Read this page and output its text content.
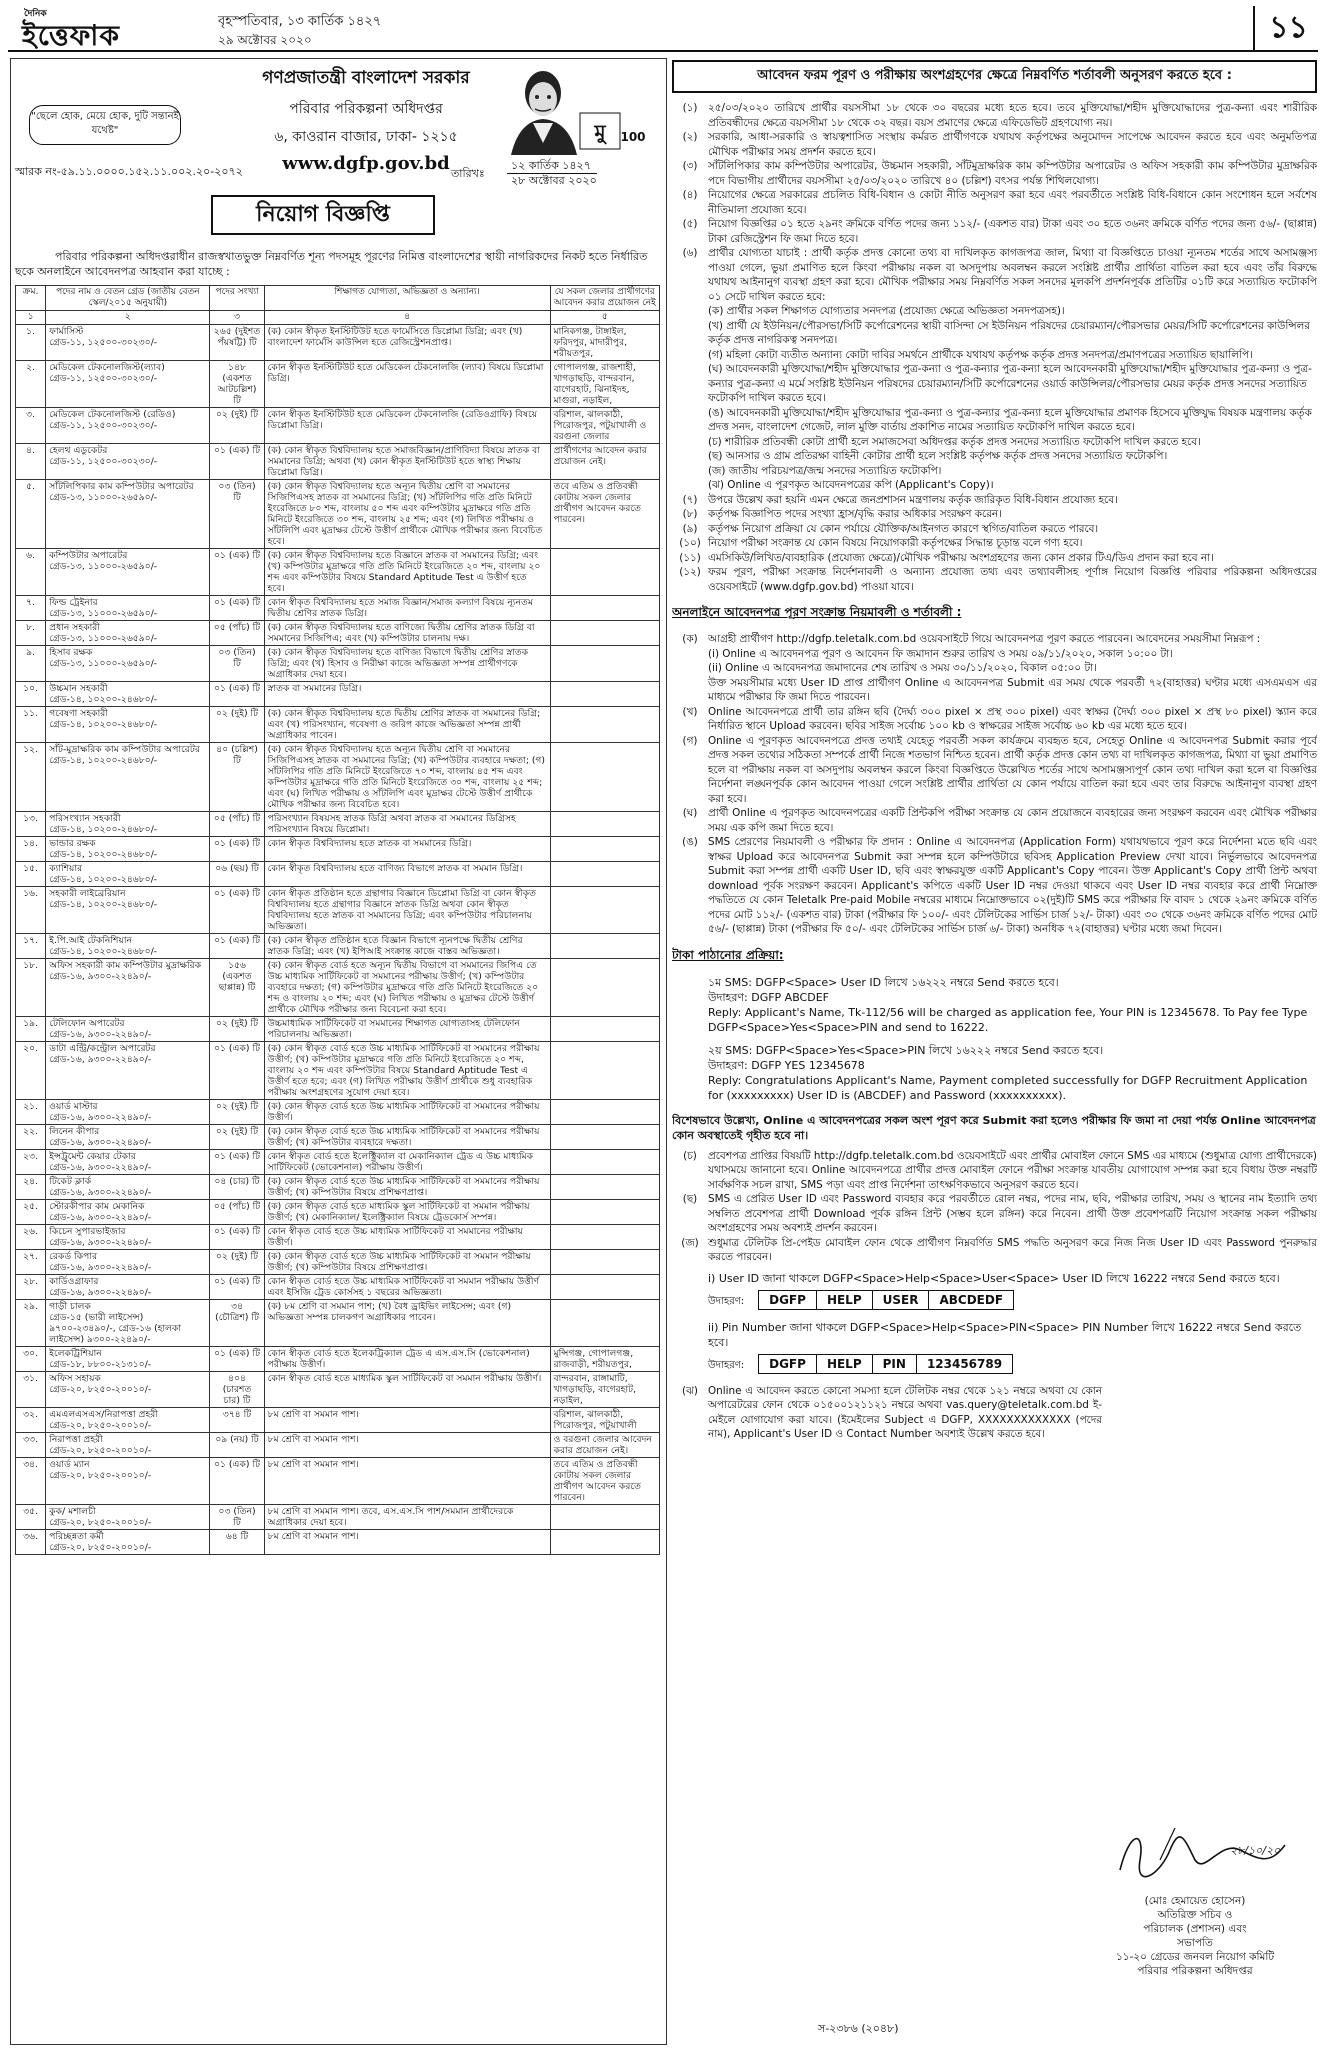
দৈনিক
ইত্তেফাক	বৃহস্পতিবার, ১৩ কার্তিক ১৪২৭
২৯ অক্টোবর ২০২০	১১
"ছেলে হোক, মেয়ে হোক, দুটি সন্তানই যথেষ্ট"
গণপ্রজাতন্ত্রী বাংলাদেশ সরকার
পরিবার পরিকল্পনা অধিদপ্তর
৬, কাওরান বাজার, ঢাকা- ১২১৫
www.dgfp.gov.bd
মু 100
স্মারক নং-৫৯.১১.০০০০.১৫২.১১.০০২.২০-২০৭২	তারিখঃ
১২ কার্তিক ১৪২৭
২৮ অক্টোবর ২০২০
নিয়োগ বিজ্ঞপ্তি
পরিবার পরিকল্পনা অধিদপ্তরাধীন রাজস্বখাতভুক্ত নিম্নবর্ণিত শূন্য পদসমূহ পূরণের নিমিত্ত বাংলাদেশের স্থায়ী নাগরিকদের নিকট হতে নির্ধারিত ছকে অনলাইনে আবেদনপত্র আহবান করা যাচ্ছে :
ক্রম.	পদের নাম ও বেতন গ্রেড (জাতীয় বেতন স্কেল/২০১৫ অনুযায়ী)	পদের সংখ্যা	শিক্ষাগত যোগ্যতা, অভিজ্ঞতা ও অন্যান্য।	যে সকল জেলার প্রার্থীগণের আবেদন করার প্রয়োজন নেই
১	২	৩	৪	৫

১.	ফার্মাসিস্ট
গ্রেড-১১, ১২৫০০-৩০২৩০/-	২৬৫ (দুইশত পঁয়ষট্টি) টি	(ক) কোন স্বীকৃত ইনস্টিটিউট হতে ফার্মেসিতে ডিপ্লোমা ডিগ্রি; এবং (খ) বাংলাদেশ ফার্মেসি কাউন্সিল হতে রেজিস্ট্রেশনপ্রাপ্ত।	মানিকগঞ্জ, টাঙ্গাইল, ফরিদপুর, মাদারীপুর, শরীয়তপুর,

২.	মেডিকেল টেকনোলজিস্ট(ল্যাব)
গ্রেড-১১, ১২৫০০-৩০২৩০/-	১৪৮ (একশত আটচল্লিশ) টি	কোন স্বীকৃত ইনস্টিটিউট হতে মেডিকেল টেকনোলজি (ল্যাব) বিষয়ে ডিপ্লোমা ডিগ্রি।	গোপালগঞ্জ, রাজশাহী, খাগড়াছড়ি, বান্দরবান, বাগেরহাট, ঝিনাইদহ, মাগুরা, নড়াইল,

৩.	মেডিকেল টেকনোলজিস্ট (রেডিও)
গ্রেড-১১, ১২৫০০-৩০২৩০/-	০২ (দুই) টি	কোন স্বীকৃত ইনস্টিটিউট হতে মেডিকেল টেকনোলজি (রেডিওগ্রাফি) বিষয়ে ডিপ্লোমা ডিগ্রি।	বরিশাল, ঝালকাঠী, পিরোজপুর, পটুয়াখালী ও বরগুনা জেলার

৪.	হেলথ এডুকেটর
গ্রেড-১১, ১২৫০০-৩০২৩০/-	০১ (এক) টি	(ক) কোন স্বীকৃত বিশ্ববিদ্যালয় হতে সমাজবিজ্ঞান/প্রাণিবিদ্যা বিষয়ে স্নাতক বা সমমানের ডিগ্রি; অথবা (খ) কোন স্বীকৃত ইনস্টিটিউট হতে স্বাস্থ্য শিক্ষায় ডিপ্লোমা ডিগ্রি।	প্রার্থীগণের আবেদন করার প্রয়োজন নেই।

৫.	সাঁটলিপিকার কাম কম্পিউটার অপারেটর
গ্রেড-১৩, ১১০০০-২৬৫৯০/-	০৩ (তিন) টি	(ক) কোন স্বীকৃত বিশ্ববিদ্যালয় হতে অন্যূন দ্বিতীয় শ্রেণি বা সমমানের সিজিপিএসহ স্নাতক বা সমমানের ডিগ্রি; (খ) সাঁটলিপির গতি প্রতি মিনিটে ইংরেজিতে ৮০ শব্দ, বাংলায় ৫০ শব্দ এবং কম্পিউটার মুদ্রাক্ষরে গতি প্রতি মিনিটে ইংরেজিতে ৩০ শব্দ, বাংলায় ২৫ শব্দ; এবং (গ) লিখিত পরীক্ষায় ও সাঁটলিপি এবং মুদ্রাক্ষর টেস্টে উত্তীর্ণ প্রার্থীকে মৌখিক পরীক্ষার জন্য বিবেচিত হবে।	তবে এতিম ও প্রতিবন্ধী কোটায় সকল জেলার প্রার্থীগণ আবেদন করতে পারবেন।

৬.	কম্পিউটার অপারেটর
গ্রেড-১৩, ১১০০০-২৬৫৯০/-	০১ (এক) টি	(ক) কোন স্বীকৃত বিশ্ববিদ্যালয় হতে বিজ্ঞানে স্নাতক বা সমমানের ডিগ্রি; এবং (খ) কম্পিউটার মুদ্রাক্ষরে গতি প্রতি মিনিটে ইংরেজিতে ২০ শব্দ, বাংলায় ২০ শব্দ এবং কম্পিউটার বিষয়ে Standard Aptitude Test এ উত্তীর্ণ হতে হবে।	

৭.	ফিল্ড ট্রেইনার
গ্রেড-১৩, ১১০০০-২৬৫৯০/-	০১ (এক) টি	কোন স্বীকৃত বিশ্ববিদ্যালয় হতে সমাজ বিজ্ঞান/সমাজ কল্যাণ বিষয়ে ন্যূনতম দ্বিতীয় শ্রেণির স্নাতক ডিগ্রি।	

৮.	প্রধান সহকারী
গ্রেড-১৩, ১১০০০-২৬৫৯০/-	০৫ (পাঁচ) টি	(ক) কোন স্বীকৃত বিশ্ববিদ্যালয় হতে বাণিজ্যে দ্বিতীয় শ্রেণির স্নাতক ডিগ্রি বা সমমানের সিজিপিএ; এবং (খ) কম্পিউটার চালনায় দক্ষ।	

৯.	হিসাব রক্ষক
গ্রেড-১৩, ১১০০০-২৬৫৯০/-	০৩ (তিন) টি	(ক) কোন স্বীকৃত বিশ্ববিদ্যালয় হতে বাণিজ্য বিভাগে দ্বিতীয় শ্রেণির স্নাতক ডিগ্রি; এবং (খ) হিসাব ও নিরীক্ষা কাজে অভিজ্ঞতা সম্পন্ন প্রার্থীগণকে অগ্রাধিকার দেয়া হবে।	

১০.	উচ্চমান সহকারী
গ্রেড-১৪, ১০২০০-২৪৬৮০/-	০১ (এক) টি	স্নাতক বা সমমানের ডিগ্রি।	

১১.	গবেষণা সহকারী
গ্রেড-১৪, ১০২০০-২৪৬৮০/-	০২ (দুই) টি	(ক) কোন স্বীকৃত বিশ্ববিদ্যালয় হতে দ্বিতীয় শ্রেণির স্নাতক বা সমমানের ডিগ্রি; এবং (খ) পরিসংখ্যান, গবেষণা ও জরিপ কাজে অভিজ্ঞতা সম্পন্ন প্রার্থী অগ্রাধিকার পাবেন।	

১২.	সাঁট-মুদ্রাক্ষরিক কাম কম্পিউটার অপারেটর
গ্রেড-১৪, ১০২০০-২৪৬৮০/-	৪০ (চল্লিশ) টি	(ক) কোন স্বীকৃত বিশ্ববিদ্যালয় হতে অন্যূন দ্বিতীয় শ্রেণি বা সমমানের সিজিপিএসহ স্নাতক বা সমমানের ডিগ্রি; (খ) কম্পিউটার ব্যবহারে দক্ষতা; (গ) সাঁটলিপির গতি প্রতি মিনিটে ইংরেজিতে ৭০ শব্দ, বাংলায় ৪৫ শব্দ এবং কম্পিউটার মুদ্রাক্ষরে গতি প্রতি মিনিটে ইংরেজিতে ৩০ শব্দ, বাংলায় ২৫ শব্দ; এবং (ঘ) লিখিত পরীক্ষায় ও সাঁটলিপি এবং মুদ্রাক্ষর টেস্টে উত্তীর্ণ প্রার্থীকে মৌখিক পরীক্ষার জন্য বিবেচিত হবে।	

১৩.	পরিসংখ্যান সহকারী
গ্রেড-১৪, ১০২০০-২৪৬৮০/-	০৫ (পাঁচ) টি	পরিসংখ্যান বিষয়সহ স্নাতক ডিগ্রি অথবা স্নাতক বা সমমানের ডিগ্রিসহ পরিসংখ্যান বিষয়ে ডিপ্লোমা।	

১৪.	ভান্ডার রক্ষক
গ্রেড-১৪, ১০২০০-২৪৬৮০/-	০১ (এক) টি	কোন স্বীকৃত বিশ্ববিদ্যালয় হতে স্নাতক বা সমমানের ডিগ্রি।	

১৫.	ক্যাশিয়ার
গ্রেড-১৪, ১০২০০-২৪৬৮০/-	০৬ (ছয়) টি	কোন স্বীকৃত বিশ্ববিদ্যালয় হতে বাণিজ্য বিভাগে স্নাতক বা সমমান ডিগ্রি।	

১৬.	সহকারী লাইব্রেরিয়ান
গ্রেড-১৪, ১০২০০-২৪৬৮০/-	০১ (এক) টি	কোন স্বীকৃত প্রতিষ্ঠান হতে গ্রন্থাগার বিজ্ঞানে ডিপ্লোমা ডিগ্রি বা কোন স্বীকৃত বিশ্ববিদ্যালয় হতে গ্রন্থাগার বিজ্ঞানে স্নাতক ডিগ্রি অথবা কোন স্বীকৃত বিশ্ববিদ্যালয় হতে স্নাতক বা সমমানের ডিগ্রি; এবং কম্পিউটার পরিচালনায় অভিজ্ঞতা।	

১৭.	ই.পি.আই টেকনিশিয়ান
গ্রেড-১৪, ১০২০০-২৪৬৮০/-	০১ (এক) টি	(ক) কোন স্বীকৃত প্রতিষ্ঠান হতে বিজ্ঞান বিভাগে ন্যূনপক্ষে দ্বিতীয় শ্রেণির স্নাতক ডিগ্রি; এবং (খ) ইপিআই সংক্রান্ত কাজে বাস্তব অভিজ্ঞতা।	

১৮.	অফিস সহকারী কাম কম্পিউটার মুদ্রাক্ষরিক
গ্রেড-১৬, ৯৩০০-২২৪৯০/-	১৫৬ (একশত ছাপ্পান্ন) টি	(ক) কোন স্বীকৃত বোর্ড হতে অন্যূন দ্বিতীয় বিভাগে বা সমমানের জিপিএ তে উচ্চ মাধ্যমিক সার্টিফিকেট বা সমমানের পরীক্ষায় উত্তীর্ণ; (খ) কম্পিউটার ব্যবহারে দক্ষতা; (গ) কম্পিউটার মুদ্রাক্ষরে গতি প্রতি মিনিটে ইংরেজিতে ২০ শব্দ ও বাংলায় ২০ শব্দ; এবং (ঘ) লিখিত পরীক্ষায় ও মুদ্রাক্ষর টেস্টে উত্তীর্ণ প্রার্থীকে মৌখিক পরীক্ষার জন্য বিবেচনা করা হবে।	

১৯.	টেলিফোন অপারেটর
গ্রেড-১৬, ৯৩০০-২২৪৯০/-	০২ (দুই) টি	উচ্চমাধ্যমিক সার্টিফিকেট বা সমমানের শিক্ষাগত যোগ্যতাসহ টেলিফোন পরিচালনায় অভিজ্ঞতা।	

২০.	ডাটা এন্ট্রি/কন্ট্রোল অপারেটর
গ্রেড-১৬, ৯৩০০-২২৪৯০/-	০১ (এক) টি	(ক) কোন স্বীকৃত বোর্ড হতে উচ্চ মাধ্যমিক সার্টিফিকেট বা সমমানের পরীক্ষায় উত্তীর্ণ; (খ) কম্পিউটার মুদ্রাক্ষরে গতি প্রতি মিনিটে ইংরেজিতে ২০ শব্দ, বাংলায় ২০ শব্দ এবং কম্পিউটার বিষয়ে Standard Aptitude Test এ উত্তীর্ণ হতে হবে; এবং (গ) লিখিত পরীক্ষায় উত্তীর্ণ প্রার্থীকে শুধু ব্যবহারিক পরীক্ষায় অংশগ্রহণের সুযোগ দেয়া হবে।	

২১.	ওয়ার্ড মাস্টার
গ্রেড-১৬, ৯৩০০-২২৪৯০/-	০২ (দুই) টি	(ক) কোন স্বীকৃত বোর্ড হতে উচ্চ মাধ্যমিক সার্টিফিকেট বা সমমানের পরীক্ষায় উত্তীর্ণ।	

২২.	লিনেন কীপার
গ্রেড-১৬, ৯৩০০-২২৪৯০/-	০২ (দুই) টি	(ক) কোন স্বীকৃত বোর্ড হতে উচ্চ মাধ্যমিক সার্টিফিকেট বা সমমানের পরীক্ষায় উত্তীর্ণ; (খ) কম্পিউটার ব্যবহারে দক্ষতা।	

২৩.	ইন্সট্রুমেন্ট কেয়ার টেকার
গ্রেড-১৬, ৯৩০০-২২৪৯০/-	০১ (এক) টি	কোন স্বীকৃত বোর্ড হতে ইলেক্ট্রিক্যাল বা মেকানিক্যাল ট্রেড এ উচ্চ মাধ্যমিক সার্টিফিকেট (ভোকেশনাল) পরীক্ষায় উত্তীর্ণ।	

২৪.	টিকেট ক্লার্ক
গ্রেড-১৬, ৯৩০০-২২৪৯০/-	০৪ (চার) টি	(ক) কোন স্বীকৃত বোর্ড হতে উচ্চ মাধ্যমিক সার্টিফিকেট বা সমমানের পরীক্ষায় উত্তীর্ণ; (খ) কম্পিউটার বিষয়ে প্রশিক্ষণপ্রাপ্ত।	

২৫.	স্টোরকীপার কাম মেকানিক
গ্রেড-১৬, ৯৩০০-২২৪৯০/-	০৫ (পাঁচ) টি	(ক) কোন স্বীকৃত বোর্ড হতে মাধ্যমিক স্কুল সার্টিফিকেট বা সমমান পরীক্ষায় উত্তীর্ণ; (খ) মেকানিক্যাল/ ইলেক্ট্রিক্যাল বিষয়ে ট্রেডকোর্স সম্পন্ন।	

২৬.	কিচেন সুপারভাইজার
গ্রেড-১৬, ৯৩০০-২২৪৯০/-	০১ (এক) টি	কোন স্বীকৃত বোর্ড হতে উচ্চ মাধ্যমিক সার্টিফিকেট বা সমমানের পরীক্ষায় উত্তীর্ণ।	

২৭.	রেকর্ড কিপার
গ্রেড-১৬, ৯৩০০-২২৪৯০/-	০২ (দুই) টি	(ক) কোন স্বীকৃত বোর্ড হতে উচ্চ মাধ্যমিক সার্টিফিকেট বা সমমান পরীক্ষায় উত্তীর্ণ; (খ) কম্পিউটার বিষয়ে প্রশিক্ষণপ্রাপ্ত।	

২৮.	কার্ডিওগ্রাফার
গ্রেড-১৬, ৯৩০০-২২৪৯০/-	০১ (এক) টি	কোন স্বীকৃত বোর্ড হতে উচ্চ মাধ্যমিক সার্টিফিকেট বা সমমান পরীক্ষায় উত্তীর্ণ এবং ইসিজি ট্রেড কোর্সসহ ১ বছরের অভিজ্ঞতা।	

২৯.	গাড়ী চালক
গ্রেড-১৫ (ভারী লাইসেন্স) ৯৭০০-২৩৪৯০/-, গ্রেড-১৬ (হালকা লাইসেন্স) ৯৩০০-২২৪৯০/-	৩৪ (চৌত্রিশ) টি	(ক) ৮ম শ্রেণি বা সমমান পাশ; (খ) বৈধ ড্রাইভিং লাইসেন্স; এবং (গ) অভিজ্ঞতা সম্পন্ন চালকগণ অগ্রাধিকার পাবেন।	

৩০.	ইলেকট্রিশিয়ান
গ্রেড-১৮, ৮৮০০-২১৩১০/-	০১ (এক) টি	কোন স্বীকৃত বোর্ড হতে ইলেকট্রিক্যাল ট্রেড এ এস.এস.সি (ভোকেশনাল) পরীক্ষায় উত্তীর্ণ।	মুন্সিগঞ্জ, গোপালগঞ্জ, রাজবাড়ী, শরীয়তপুর,

৩১.	অফিস সহায়ক
গ্রেড-২০, ৮২৫০-২০০১০/-	৪০৪ (চারশত চার) টি	কোন স্বীকৃত বোর্ড হতে মাধ্যমিক স্কুল সার্টিফিকেট বা সমমান পরীক্ষায় উত্তীর্ণ।	বান্দরবান, রাঙ্গামাটি, খাগড়াছড়ি, বাগেরহাট, নড়াইল,

৩২.	এমএলএসএস/নিরাপত্তা প্রহরী
গ্রেড-২০, ৮২৫০-২০০১০/-	৩৭৪ টি	৮ম শ্রেণি বা সমমান পাশ।	বরিশাল, ঝালকাঠী, পিরোজপুর, পটুয়াখালী

৩৩.	নিরাপত্তা প্রহরী
গ্রেড-২০, ৮২৫০-২০০১০/-	০৯ (নয়) টি	৮ম শ্রেণি বা সমমান পাশ।	ও বরগুনা জেলার আবেদন করার প্রয়োজন নেই।

৩৪.	ওয়ার্ড ম্যান
গ্রেড-২০, ৮২৫০-২০০১০/-	০১ (এক) টি	৮ম শ্রেণি বা সমমান পাশ।	তবে এতিম ও প্রতিবন্ধী কোটায় সকল জেলার প্রার্থীগণ আবেদন করতে পারবেন।

৩৫.	কুক/ মশালচী
গ্রেড-২০, ৮২৫০-২০০১০/-	০৩ (তিন) টি	৮ম শ্রেণি বা সমমান পাশ। তবে, এস.এস.সি পাশ/সমমান প্রার্থীদেরকে অগ্রাধিকার দেয়া হবে।	

৩৬.	পরিচ্ছন্নতা কর্মী
গ্রেড-২০, ৮২৫০-২০০১০/-	৬৪ টি	৮ম শ্রেণি বা সমমান পাশ।	

আবেদন ফরম পূরণ ও পরীক্ষায় অংশগ্রহণের ক্ষেত্রে নিম্নবর্ণিত শর্তাবলী অনুসরণ করতে হবে :
(১)	২৫/০৩/২০২০ তারিখে প্রার্থীর বয়সসীমা ১৮ থেকে ৩০ বছরের মধ্যে হতে হবে। তবে মুক্তিযোদ্ধা/শহীদ মুক্তিযোদ্ধাদের পুত্র-কন্যা এবং শারীরিক প্রতিবন্ধীদের ক্ষেত্রে বয়সসীমা ১৮ থেকে ৩২ বছর। বয়স প্রমাণের ক্ষেত্রে এফিডেভিট গ্রহণযোগ্য নয়।
(২)	সরকারি, আধা-সরকারি ও স্বায়ত্বশাসিত সংস্থায় কর্মরত প্রার্থীগণকে যথাযথ কর্তৃপক্ষের অনুমোদন সাপেক্ষে আবেদন করতে হবে এবং অনুমতিপত্র মৌখিক পরীক্ষার সময় প্রদর্শন করতে হবে।
(৩)	সাঁটলিপিকার কাম কম্পিউটার অপারেটর, উচ্চমান সহকারী, সাঁটমুদ্রাক্ষরিক কাম কম্পিউটার অপারেটর ও অফিস সহকারী কাম কম্পিউটার মুদ্রাক্ষরিক পদে বিভাগীয় প্রার্থীদের বয়সসীমা ২৫/০৩/২০২০ তারিখে ৪০ (চল্লিশ) বৎসর পর্যন্ত শিথিলযোগ্য।
(৪)	নিয়োগের ক্ষেত্রে সরকারের প্রচলিত বিধি-বিধান ও কোটা নীতি অনুসরণ করা হবে এবং পরবর্তীতে সংশ্লিষ্ট বিধি-বিধানে কোন সংশোধন হলে সর্বশেষ নীতিমালা প্রযোজ্য হবে।
(৫)	নিয়োগ বিজ্ঞপ্তির ০১ হতে ২৯নং ক্রমিকে বর্ণিত পদের জন্য ১১২/- (একশত বার) টাকা এবং ৩০ হতে ৩৬নং ক্রমিকে বর্ণিত পদের জন্য ৫৬/- (ছাপ্পান্ন) টাকা রেজিস্ট্রেশন ফি জমা দিতে হবে।
(৬)	প্রার্থীর যোগ্যতা যাচাই : প্রার্থী কর্তৃক প্রদত্ত কোনো তথ্য বা দাখিলকৃত কাগজপত্র জাল, মিথ্যা বা বিজ্ঞপ্তিতে চাওয়া ন্যূনতম শর্তের সাথে অসামঞ্জস্য পাওয়া গেলে, ভুয়া প্রমাণিত হলে কিংবা পরীক্ষায় নকল বা অসদুপায় অবলম্বন করলে সংশ্লিষ্ট প্রার্থীর প্রার্থিতা বাতিল করা হবে এবং তাঁর বিরুদ্ধে যথাযথ আইনানুগ ব্যবস্থা গ্রহণ করা হবে। মৌখিক পরীক্ষার সময় নিম্নবর্ণিত সকল সনদের মূলকপি প্রদর্শনপূর্বক প্রতিটির ০১টি করে সত্যায়িত ফটোকপি ০১ সেটে দাখিল করতে হবে:
(ক) প্রার্থীর সকল শিক্ষাগত যোগ্যতার সনদপত্র (প্রযোজ্য ক্ষেত্রে অভিজ্ঞতা সনদপত্রসহ)।
(খ) প্রার্থী যে ইউনিয়ন/পৌরসভা/সিটি কর্পোরেশনের স্থায়ী বাসিন্দা সে ইউনিয়ন পরিষদের চেয়ারম্যান/পৌরসভার মেয়র/সিটি কর্পোরেশনের কাউন্সিলর কর্তৃক প্রদত্ত নাগরিকত্ব সনদপত্র।
(গ) মহিলা কোটা ব্যতীত অন্যান্য কোটা দাবির সমর্থনে প্রার্থীকে যথাযথ কর্তৃপক্ষ কর্তৃক প্রদত্ত সনদপত্র/প্রমাণপত্রের সত্যায়িত ছায়ালিপি।
(ঘ) আবেদনকারী মুক্তিযোদ্ধা/শহীদ মুক্তিযোদ্ধার পুত্র-কন্যা ও পুত্র-কন্যার পুত্র-কন্যা হলে আবেদনকারী মুক্তিযোদ্ধা/শহীদ মুক্তিযোদ্ধার পুত্র-কন্যা ও পুত্র-কন্যার পুত্র-কন্যা এ মর্মে সংশ্লিষ্ট ইউনিয়ন পরিষদের চেয়ারম্যান/সিটি কর্পোরেশনের ওয়ার্ড কাউন্সিলর/পৌরসভার মেয়র কর্তৃক প্রদত্ত সনদের সত্যায়িত ফটোকপি দাখিল করতে হবে।
(ঙ) আবেদনকারী মুক্তিযোদ্ধা/শহীদ মুক্তিযোদ্ধার পুত্র-কন্যা ও পুত্র-কন্যার পুত্র-কন্যা হলে মুক্তিযোদ্ধার প্রমাণক হিসেবে মুক্তিযুদ্ধ বিষয়ক মন্ত্রণালয় কর্তৃক প্রদত্ত সনদ, বাংলাদেশ গেজেট, লাল মুক্তি বার্তায় প্রকাশিত নামের সত্যায়িত ফটোকপি দাখিল করতে হবে।
(চ) শারীরিক প্রতিবন্ধী কোটা প্রার্থী হলে সমাজসেবা অধিদপ্তর কর্তৃক প্রদত্ত সনদের সত্যায়িত ফটোকপি দাখিল করতে হবে।
(ছ) আনসার ও গ্রাম প্রতিরক্ষা বাহিনী কোটার প্রার্থী হলে সংশ্লিষ্ট কর্তৃপক্ষ কর্তৃক প্রদত্ত সনদের সত্যায়িত ফটোকপি।
(জ) জাতীয় পরিচয়পত্র/জন্ম সনদের সত্যায়িত ফটোকপি।
(ঝ) Online এ পূরণকৃত আবেদনপত্রের কপি (Applicant's Copy)।
(৭)	উপরে উল্লেখ করা হয়নি এমন ক্ষেত্রে জনপ্রশাসন মন্ত্রণালয় কর্তৃক জারিকৃত বিধি-বিধান প্রযোজ্য হবে।
(৮)	কর্তৃপক্ষ বিজ্ঞাপিত পদের সংখ্যা হ্রাস/বৃদ্ধি করার অধিকার সংরক্ষণ করেন।
(৯)	কর্তৃপক্ষ নিয়োগ প্রক্রিয়া যে কোন পর্যায়ে যৌক্তিক/আইনগত কারণে স্থগিত/বাতিল করতে পারবে।
(১০) নিয়োগ পরীক্ষা সংক্রান্ত যে কোন বিষয়ে নিয়োগকারী কর্তৃপক্ষের সিদ্ধান্ত চূড়ান্ত বলে গণ্য হবে।
(১১) এমসিকিউ/লিখিত/ব্যবহারিক (প্রযোজ্য ক্ষেত্রে)/মৌখিক পরীক্ষায় অংশগ্রহণের জন্য কোন প্রকার টিএ/ডিএ প্রদান করা হবে না।
(১২) ফরম পূরণ, পরীক্ষা সংক্রান্ত নির্দেশনাবলী ও অন্যান্য প্রযোজ্য তথ্য এবং তথ্যাবলীসহ পূর্ণাঙ্গ নিয়োগ বিজ্ঞপ্তি পরিবার পরিকল্পনা অধিদপ্তরের ওয়েবসাইটে (www.dgfp.gov.bd) পাওয়া যাবে।
অনলাইনে আবেদনপত্র পূরণ সংক্রান্ত নিয়মাবলী ও শর্তাবলী :
(ক) আগ্রহী প্রার্থীগণ http://dgfp.teletalk.com.bd ওয়েবসাইটে গিয়ে আবেদনপত্র পূরণ করতে পারবেন। আবেদনের সময়সীমা নিম্নরূপ :
(i) Online এ আবেদনপত্র পূরণ ও আবেদন ফি জমাদান শুরুর তারিখ ও সময় ০৯/১১/২০২০, সকাল ১০:০০ টা।
(ii) Online এ আবেদনপত্র জমাদানের শেষ তারিখ ও সময় ৩০/১১/২০২০, বিকাল ০৫:০০ টা।
উক্ত সময়সীমার মধ্যে User ID প্রাপ্ত প্রার্থীগণ Online এ আবেদনপত্র Submit এর সময় থেকে পরবর্তী ৭২(বাহাত্তর) ঘণ্টার মধ্যে এসএমএস এর মাধ্যমে পরীক্ষার ফি জমা দিতে পারবেন।
(খ)	Online আবেদনপত্রে প্রার্থী তার রঙ্গিন ছবি (দৈর্ঘ্য ৩০০ pixel × প্রস্থ ৩০০ pixel) এবং স্বাক্ষর (দৈর্ঘ্য ৩০০ pixel × প্রস্থ ৮০ pixel) স্ক্যান করে নির্ধারিত স্থানে Upload করবেন। ছবির সাইজ সর্বোচ্চ ১০০ kb ও স্বাক্ষরের সাইজ সর্বোচ্চ ৬০ kb এর মধ্যে হতে হবে।
(গ)	Online এ পূরণকৃত আবেদনপত্রে প্রদত্ত তথ্যই যেহেতু পরবর্তী সকল কার্যক্রমে ব্যবহৃত হবে, সেহেতু Online এ আবেদনপত্র Submit করার পূর্বে প্রদত্ত সকল তথ্যের সঠিকতা সম্পর্কে প্রার্থী নিজে শতভাগ নিশ্চিত হবেন। প্রার্থী কর্তৃক প্রদত্ত কোন তথ্য বা দাখিলকৃত কাগজপত্র, মিথ্যা বা ভুয়া প্রমাণিত হলে বা পরীক্ষায় নকল বা অসদুপায় অবলম্বন করলে কিংবা বিজ্ঞপ্তিতে উল্লেখিত শর্তের সাথে অসামঞ্জস্যপূর্ণ কোন তথ্য দাখিল করা হলে বা বিজ্ঞপ্তির নির্দেশনা লঙ্ঘনপূর্বক কোন আবেদন পাওয়া গেলে সংশ্লিষ্ট প্রার্থীর প্রার্থিতা যে কোন পর্যায়ে বাতিল করা হবে এবং তার বিরুদ্ধে আইনানুগ ব্যবস্থা গ্রহণ করা হবে।
(ঘ)	প্রার্থী Online এ পূরণকৃত আবেদনপত্রের একটি প্রিন্টকপি পরীক্ষা সংক্রান্ত যে কোন প্রয়োজনে ব্যবহারের জন্য সংরক্ষণ করবেন এবং মৌখিক পরীক্ষার সময় এক কপি জমা দিতে হবে।
(ঙ) SMS প্রেরণের নিয়মাবলী ও পরীক্ষার ফি প্রদান : Online এ আবেদনপত্র (Application Form) যথাযথভাবে পূরণ করে নির্দেশনা মতে ছবি এবং স্বাক্ষর Upload করে আবেদনপত্র Submit করা সম্পন্ন হলে কম্পিউটারে ছবিসহ Application Preview দেখা যাবে। নির্ভুলভাবে আবেদনপত্র Submit করা সম্পন্ন প্রার্থী একটি User ID, ছবি এবং স্বাক্ষরযুক্ত একটি Applicant's Copy পাবেন। উক্ত Applicant's Copy প্রার্থী প্রিন্ট অথবা download পূর্বক সংরক্ষণ করবেন। Applicant's কপিতে একটি User ID নম্বর দেওয়া থাকবে এবং User ID নম্বর ব্যবহার করে প্রার্থী নিম্নোক্ত পদ্ধতিতে যে কোন Teletalk Pre-paid Mobile নম্বরের মাধ্যমে নিম্নোক্তভাবে ০২(দুই)টি SMS করে পরীক্ষার ফি বাবদ ১ থেকে ২৯নং ক্রমিকে বর্ণিত পদের মোট ১১২/- (একশত বার) টাকা (পরীক্ষার ফি ১০০/- এবং টেলিটকের সার্ভিস চার্জ ১২/- টাকা) এবং ৩০ থেকে ৩৬নং ক্রমিকে বর্ণিত পদের মোট ৫৬/- (ছাপ্পান্ন) টাকা (পরীক্ষার ফি ৫০/- এবং টেলিটকের সার্ভিস চার্জ ৬/- টাকা) অনধিক ৭২(বাহাত্তর) ঘণ্টার মধ্যে জমা দিবেন।
টাকা পাঠানোর প্রক্রিয়া:
১ম SMS: DGFP<Space> User ID লিখে ১৬২২২ নম্বরে Send করতে হবে।
উদাহরণ: DGFP ABCDEF
Reply: Applicant's Name, Tk-112/56 will be charged as application fee, Your PIN is 12345678. To Pay fee Type DGFP<Space>Yes<Space>PIN and send to 16222.
২য় SMS: DGFP<Space>Yes<Space>PIN লিখে ১৬২২২ নম্বরে Send করতে হবে।
উদাহরণ: DGFP YES 12345678
Reply: Congratulations Applicant's Name, Payment completed successfully for DGFP Recruitment Application for (xxxxxxxxx) User ID is (ABCDEF) and Password (xxxxxxxxxx).
বিশেষভাবে উল্লেখ্য, Online এ আবেদনপত্রের সকল অংশ পূরণ করে Submit করা হলেও পরীক্ষার ফি জমা না দেয়া পর্যন্ত Online আবেদনপত্র কোন অবস্থাতেই গৃহীত হবে না।
(চ)	প্রবেশপত্র প্রাপ্তির বিষয়টি http://dgfp.teletalk.com.bd ওয়েবসাইটে এবং প্রার্থীর মোবাইল ফোনে SMS এর মাধ্যমে (শুধুমাত্র যোগ্য প্রার্থীদেরকে) যথাসময়ে জানানো হবে। Online আবেদনপত্রে প্রার্থীর প্রদত্ত মোবাইল ফোনে পরীক্ষা সংক্রান্ত যাবতীয় যোগাযোগ সম্পন্ন করা হবে বিধায় উক্ত নম্বরটি সার্বক্ষণিক সচল রাখা, SMS পড়া এবং প্রাপ্ত নির্দেশনা তাৎক্ষণিকভাবে অনুসরণ করতে হবে।
(ছ)	SMS এ প্রেরিত User ID এবং Password ব্যবহার করে পরবর্তীতে রোল নম্বর, পদের নাম, ছবি, পরীক্ষার তারিখ, সময় ও স্থানের নাম ইত্যাদি তথ্য সম্বলিত প্রবেশপত্র প্রার্থী Download পূর্বক রঙ্গিন প্রিন্ট (সম্ভব হলে রঙ্গিন) করে নিবেন। প্রার্থী উক্ত প্রবেশপত্রটি নিয়োগ সংক্রান্ত সকল পরীক্ষায় অংশগ্রহণের সময় অবশ্যই প্রদর্শন করবেন।
(জ) শুধুমাত্র টেলিটক প্রি-পেইড মোবাইল ফোন থেকে প্রার্থীগণ নিম্নবর্ণিত SMS পদ্ধতি অনুসরণ করে নিজ নিজ User ID এবং Password পুনরুদ্ধার করতে পারবেন।
i) User ID জানা থাকলে DGFP<Space>Help<Space>User<Space> User ID লিখে 16222 নম্বরে Send করতে হবে।
উদাহরণ: DGFP	HELP	USER	ABCDEDF
ii) Pin Number জানা থাকলে DGFP<Space>Help<Space>PIN<Space> PIN Number লিখে 16222 নম্বরে Send করতে হবে।
উদাহরণ: DGFP	HELP	PIN	123456789
(ঝ) Online এ আবেদন করতে কোনো সমস্যা হলে টেলিটক নম্বর থেকে ১২১ নম্বরে অথবা যে কোন অপারেটরের ফোন থেকে ০১৫০০১২১১২১ নম্বরে অথবা vas.query@teletalk.com.bd ই-মেইলে যোগাযোগ করা যাবে। (ইমেইলের Subject এ DGFP, XXXXXXXXXXXXX (পদের নাম), Applicant's User ID ও Contact Number অবশ্যই উল্লেখ করতে হবে।
২৮/১০/২০
(মোঃ হেমায়েত হোসেন)
অতিরিক্ত সচিব ও
পরিচালক (প্রশাসন) এবং
সভাপতি
১১-২০ গ্রেডের জনবল নিয়োগ কমিটি
পরিবার পরিকল্পনা অধিদপ্তর
স-২৩৮৬ (২০৪৮)
